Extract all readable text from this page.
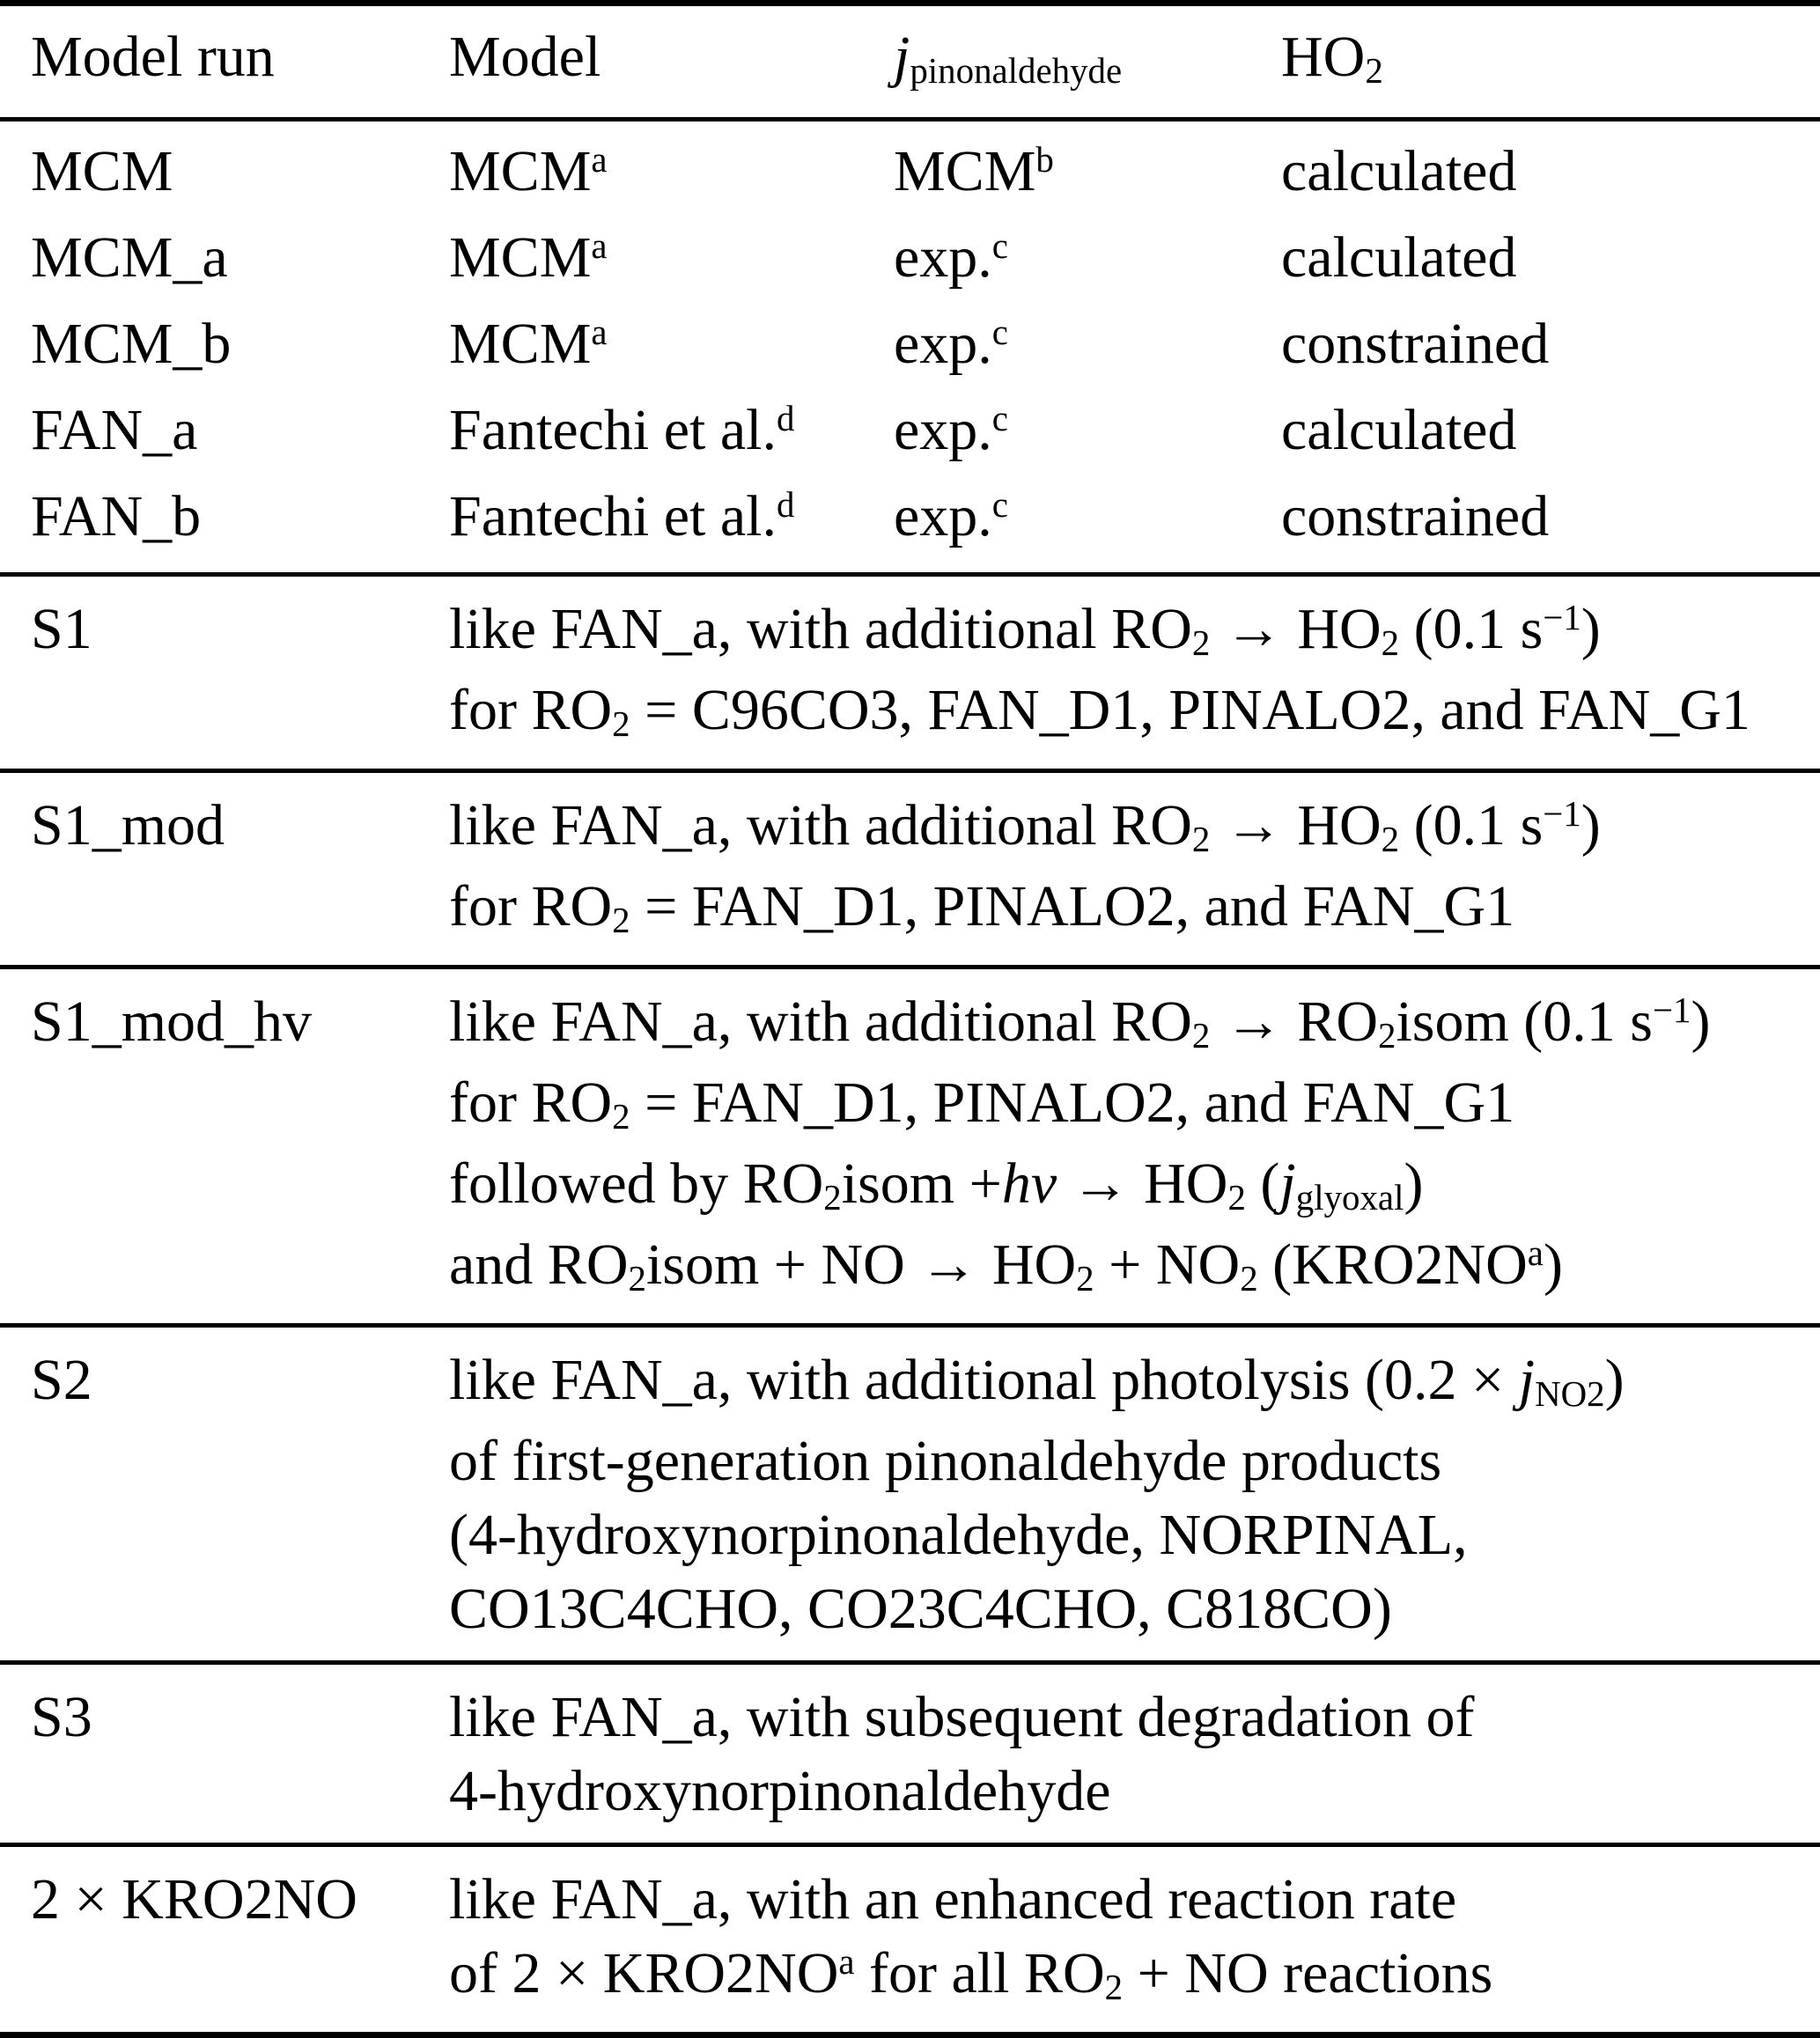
Model run	Model	jpinonaldehyde	HO2
MCM	MCM$^a$	MCM$^b$	calculated
MCM_a	MCM$^a$	exp.$^c$	calculated
MCM_b	MCM$^a$	exp.$^c$	constrained
FAN_a	Fantechi et al.$^d$	exp.$^c$	calculated
FAN_b	Fantechi et al.$^d$	exp.$^c$	constrained
S1	like FAN_a, with additional RO2 → HO2 (0.1 $s^{-1}$)
for RO2 = C96CO3, FAN_D1, PINALO2, and FAN_G1
S1_mod	like FAN_a, with additional RO2 → HO2 (0.1 $s^{-1}$)
for RO2 = FAN_D1, PINALO2, and FAN_G1
S1_mod_hv	like FAN_a, with additional RO2 → RO2isom (0.1 $s^{-1}$)
for RO2 = FAN_D1, PINALO2, and FAN_G1
followed by RO2isom +hν → HO2 (jglyoxal)
and RO2isom + NO → HO2 + NO2 $(KRO2NO^a)$
S2	like FAN_a, with additional photolysis (0.2 × jNO2)
of first-generation pinonaldehyde products
(4-hydroxynorpinonaldehyde, NORPINAL,
CO13C4CHO, CO23C4CHO, C818CO)
S3	like FAN_a, with subsequent degradation of
4-hydroxynorpinonaldehyde
2 × KRO2NO	like FAN_a, with an enhanced reaction rate
of $2 \times KRO2NO^a$ for all RO2 + NO reactions
